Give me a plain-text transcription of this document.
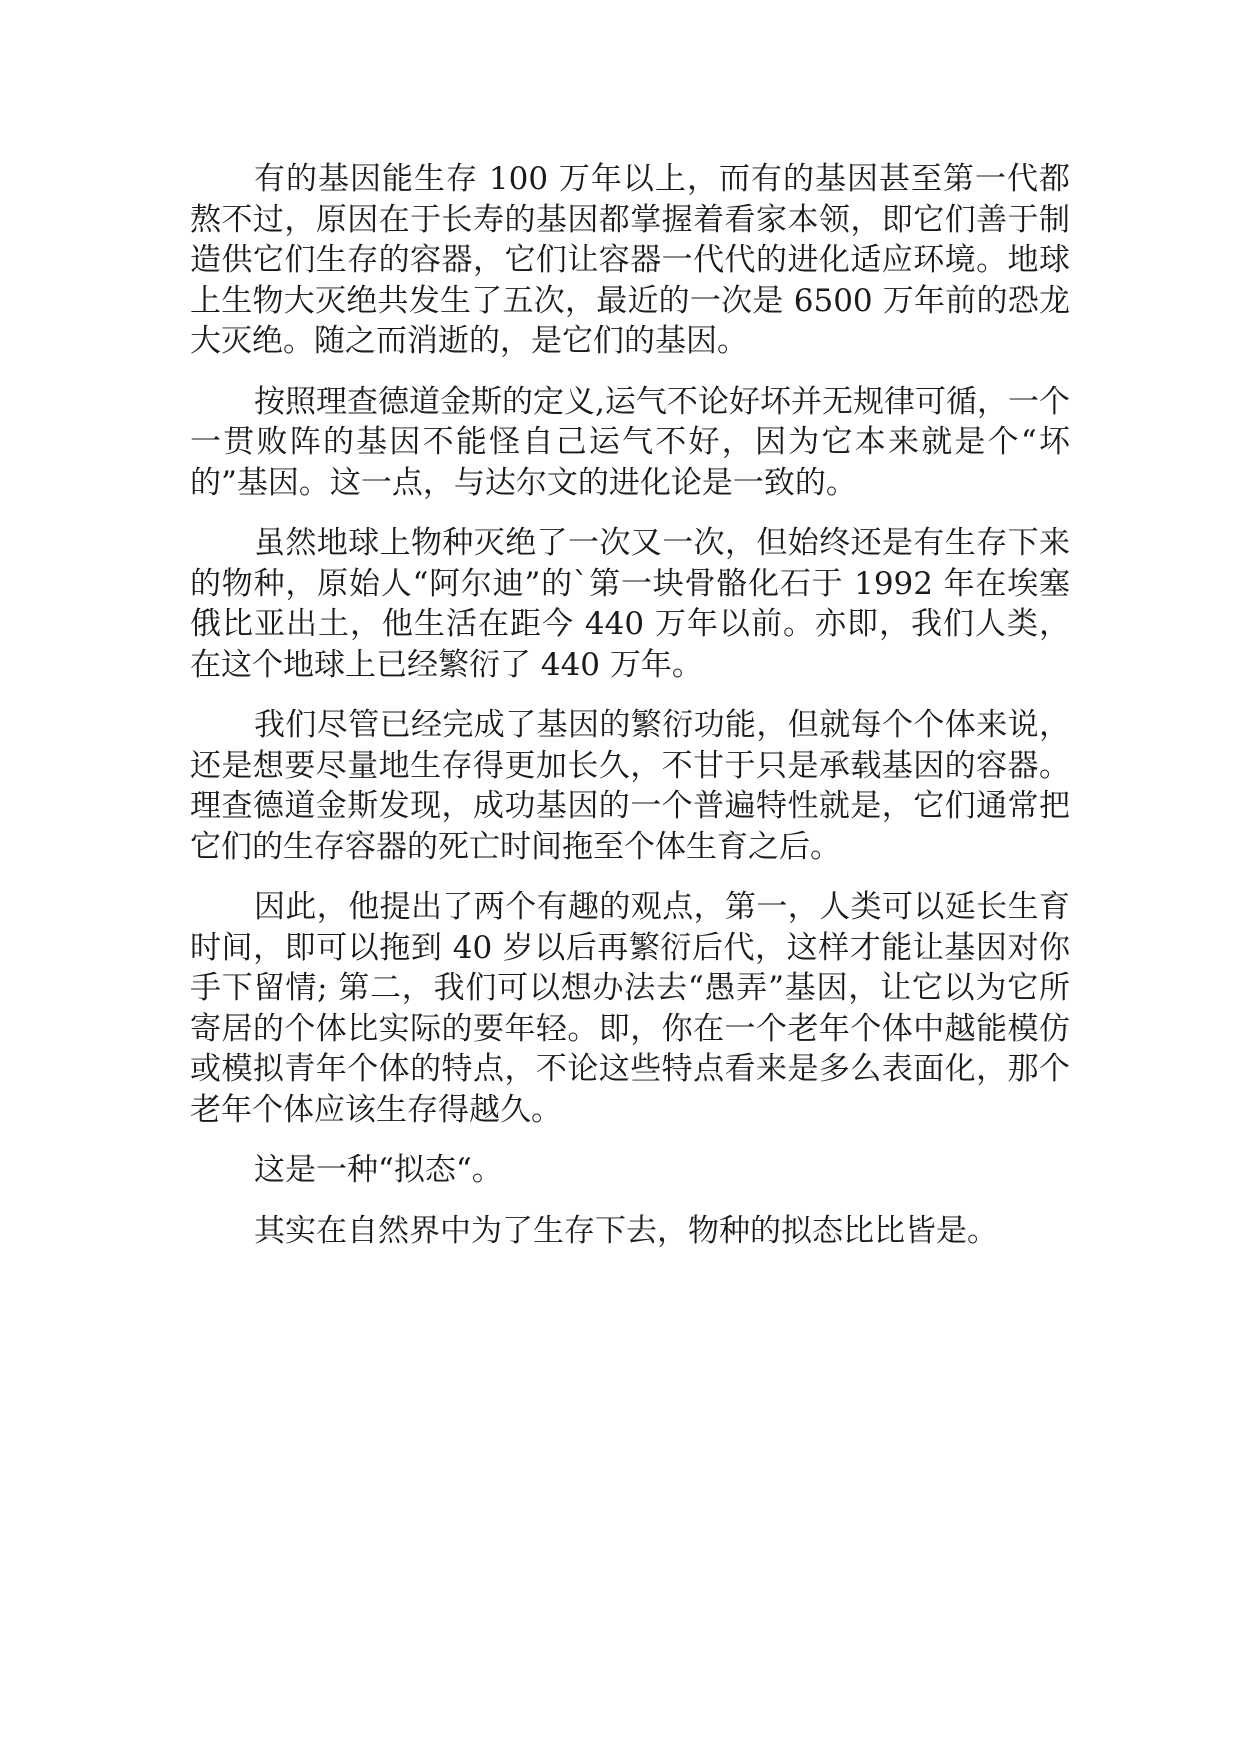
有的基因能生存 100 万年以上，而有的基因甚至第一代都熬不过，原因在于长寿的基因都掌握着看家本领，即它们善于制造供它们生存的容器，它们让容器一代代的进化适应环境。地球上生物大灭绝共发生了五次，最近的一次是 6500 万年前的恐龙大灭绝。随之而消逝的，是它们的基因。

按照理查德道金斯的定义,运气不论好坏并无规律可循，一个一贯败阵的基因不能怪自己运气不好，因为它本来就是个“坏的”基因。这一点，与达尔文的进化论是一致的。

虽然地球上物种灭绝了一次又一次，但始终还是有生存下来的物种，原始人“阿尔迪”的`第一块骨骼化石于 1992 年在埃塞俄比亚出土，他生活在距今 440 万年以前。亦即，我们人类，在这个地球上已经繁衍了 440 万年。

我们尽管已经完成了基因的繁衍功能，但就每个个体来说，还是想要尽量地生存得更加长久，不甘于只是承载基因的容器。理查德道金斯发现，成功基因的一个普遍特性就是，它们通常把它们的生存容器的死亡时间拖至个体生育之后。

因此，他提出了两个有趣的观点，第一，人类可以延长生育时间，即可以拖到 40 岁以后再繁衍后代，这样才能让基因对你手下留情; 第二，我们可以想办法去“愚弄”基因，让它以为它所寄居的个体比实际的要年轻。即，你在一个老年个体中越能模仿或模拟青年个体的特点，不论这些特点看来是多么表面化，那个老年个体应该生存得越久。

这是一种“拟态“。

其实在自然界中为了生存下去，物种的拟态比比皆是。
